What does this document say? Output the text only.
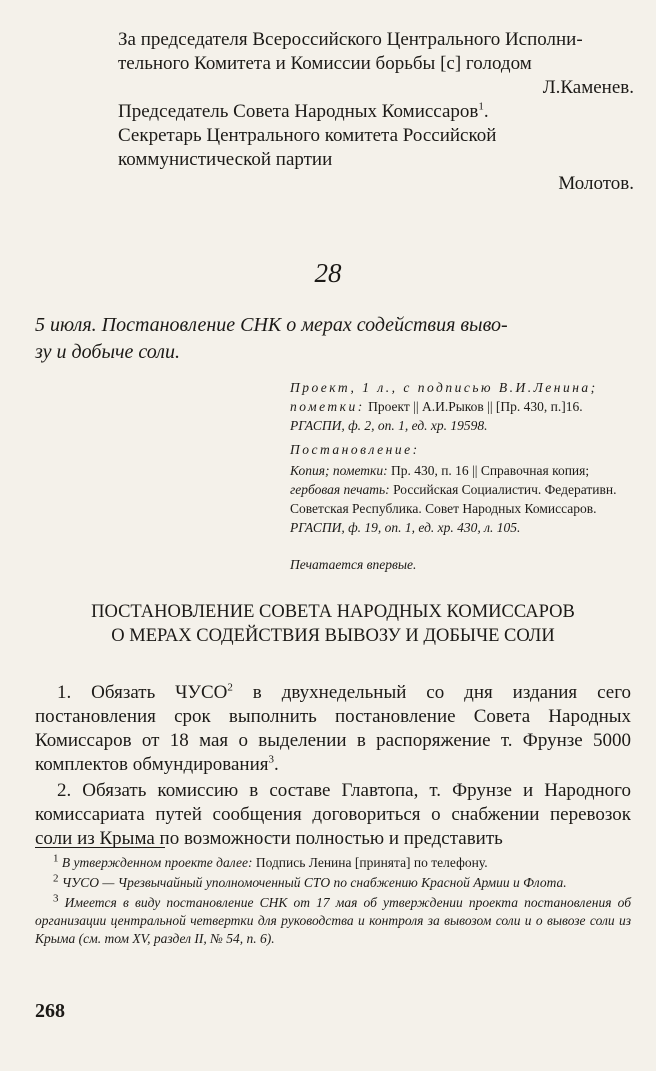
За председателя Всероссийского Центрального Исполни-

тельного Комитета и Комиссии борьбы [с] голодом

Л.Каменев.

Председатель Совета Народных Комиссаров$^1$.

Секретарь Центрального комитета Российской

коммунистической партии

Молотов.

28
5 июля. Постановление СНК о мерах содействия выво-
зу и добыче соли.
Проект, 1 л., с подписью В.И.Ленина; пометки: Проект || А.И.Рыков || [Пр. 430, п.]16. РГАСПИ, ф. 2, оп. 1, ед. хр. 19598.
Постановление:
Копия; пометки: Пр. 430, п. 16 || Справочная копия; гербовая печать: Российская Социалистич. Федеративн. Советская Республика. Совет Народных Комиссаров. РГАСПИ, ф. 19, оп. 1, ед. хр. 430, л. 105.
Печатается впервые.
ПОСТАНОВЛЕНИЕ СОВЕТА НАРОДНЫХ КОМИССАРОВ
О МЕРАХ СОДЕЙСТВИЯ ВЫВОЗУ И ДОБЫЧЕ СОЛИ

1. Обязать ЧУСО$^2$ в двухнедельный со дня издания сего постановления срок выполнить постановление Совета Народных Комиссаров от 18 мая о выделении в распоряжение т. Фрунзе 5000 комплектов обмундирования$^3$.

2. Обязать комиссию в составе Главтопа, т. Фрунзе и Народного комиссариата путей сообщения договориться о снабжении перевозок соли из Крыма по возможности полностью и представить

$^1$ В утвержденном проекте далее: Подпись Ленина [принята] по телефону.

$^2$ ЧУСО — Чрезвычайный уполномоченный СТО по снабжению Красной Армии и Флота.

$^3$ Имеется в виду постановление СНК от 17 мая об утверждении проекта постановления об организации центральной четвертки для руководства и контроля за вывозом соли и о вывозе соли из Крыма (см. том XV, раздел II, № 54, п. 6).

268
